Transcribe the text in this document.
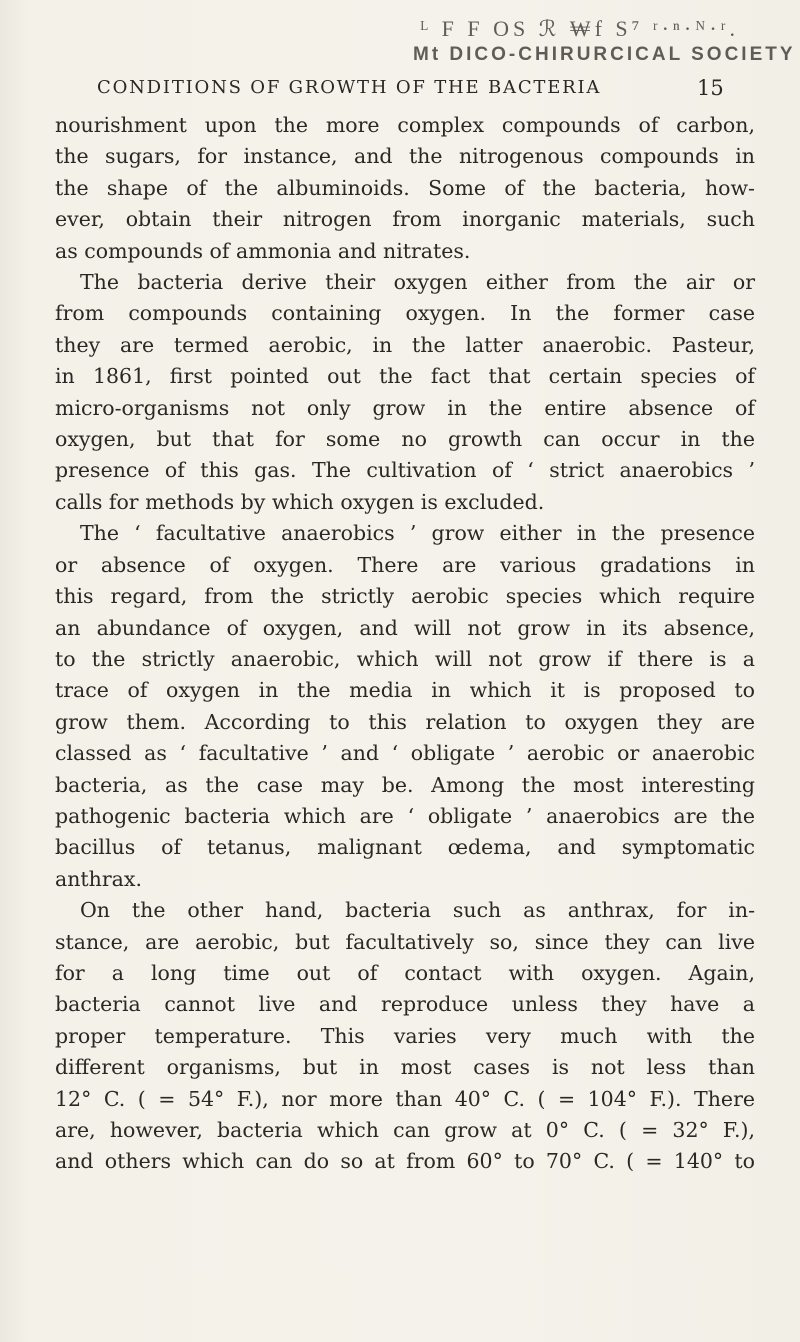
ᴸ F F OS ℛ ₩f S⁷ ʳ·ⁿ·ᴺ·ʳ.
Mt DICO-CHIRURCICAL SOCIETY
CONDITIONS OF GROWTH OF THE BACTERIA	15
nourishment upon the more complex compounds of carbon,
the sugars, for instance, and the nitrogenous compounds in
the shape of the albuminoids. Some of the bacteria, how-
ever, obtain their nitrogen from inorganic materials, such
as compounds of ammonia and nitrates.
The bacteria derive their oxygen either from the air or
from compounds containing oxygen. In the former case
they are termed aerobic, in the latter anaerobic. Pasteur,
in 1861, first pointed out the fact that certain species of
micro-organisms not only grow in the entire absence of
oxygen, but that for some no growth can occur in the
presence of this gas. The cultivation of ‘ strict anaerobics ’
calls for methods by which oxygen is excluded.
The ‘ facultative anaerobics ’ grow either in the presence
or absence of oxygen. There are various gradations in
this regard, from the strictly aerobic species which require
an abundance of oxygen, and will not grow in its absence,
to the strictly anaerobic, which will not grow if there is a
trace of oxygen in the media in which it is proposed to
grow them. According to this relation to oxygen they are
classed as ‘ facultative ’ and ‘ obligate ’ aerobic or anaerobic
bacteria, as the case may be. Among the most interesting
pathogenic bacteria which are ‘ obligate ’ anaerobics are the
bacillus of tetanus, malignant œdema, and symptomatic
anthrax.
On the other hand, bacteria such as anthrax, for in-
stance, are aerobic, but facultatively so, since they can live
for a long time out of contact with oxygen. Again,
bacteria cannot live and reproduce unless they have a
proper temperature. This varies very much with the
different organisms, but in most cases is not less than
12° C. ( = 54° F.), nor more than 40° C. ( = 104° F.). There
are, however, bacteria which can grow at 0° C. ( = 32° F.),
and others which can do so at from 60° to 70° C. ( = 140° to
